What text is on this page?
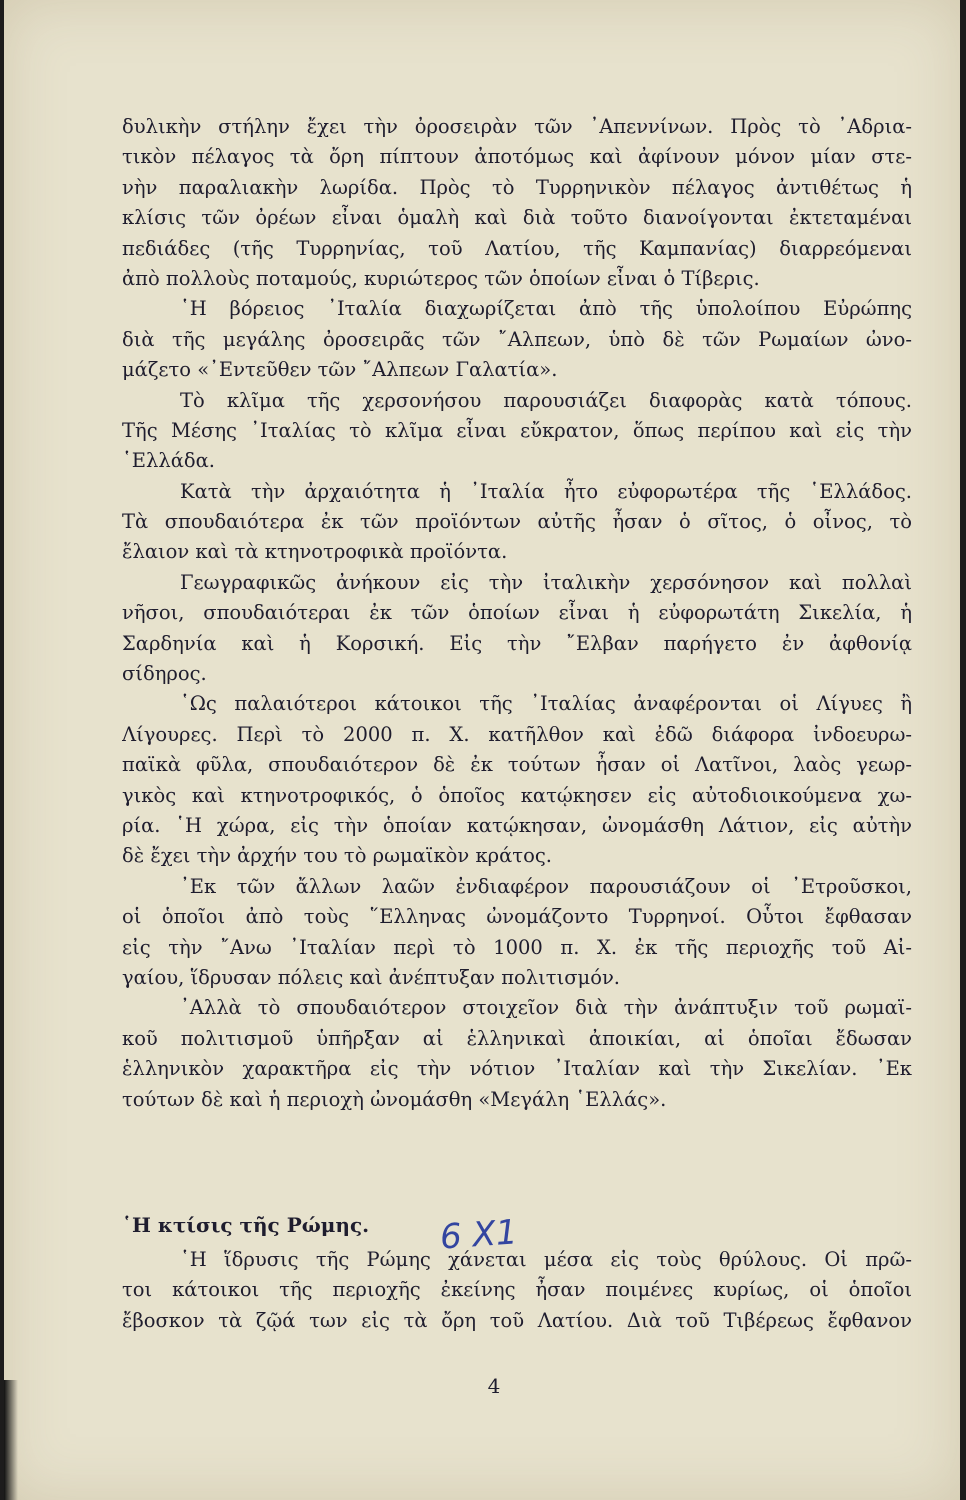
δυλικὴν στήλην ἔχει τὴν ὀροσειρὰν τῶν ᾿Απεννίνων. Πρὸς τὸ ᾿Αδρια-
τικὸν πέλαγος τὰ ὄρη πίπτουν ἀποτόμως καὶ ἀφίνουν μόνον μίαν στε-
νὴν παραλιακὴν λωρίδα. Πρὸς τὸ Τυρρηνικὸν πέλαγος ἀντιθέτως ἡ
κλίσις τῶν ὀρέων εἶναι ὁμαλὴ καὶ διὰ τοῦτο διανοίγονται ἐκτεταμέναι
πεδιάδες (τῆς Τυρρηνίας, τοῦ Λατίου, τῆς Καμπανίας) διαρρεόμεναι
ἀπὸ πολλοὺς ποταμούς, κυριώτερος τῶν ὁποίων εἶναι ὁ Τίβερις.
῾Η βόρειος ᾿Ιταλία διαχωρίζεται ἀπὸ τῆς ὑπολοίπου Εὐρώπης
διὰ τῆς μεγάλης ὀροσειρᾶς τῶν ῎Αλπεων, ὑπὸ δὲ τῶν Ρωμαίων ὠνο-
μάζετο «᾿Εντεῦθεν τῶν ῎Αλπεων Γαλατία».
Τὸ κλῖμα τῆς χερσονήσου παρουσιάζει διαφορὰς κατὰ τόπους.
Τῆς Μέσης ᾿Ιταλίας τὸ κλῖμα εἶναι εὔκρατον, ὅπως περίπου καὶ εἰς τὴν
῾Ελλάδα.
Κατὰ τὴν ἀρχαιότητα ἡ ᾿Ιταλία ἦτο εὐφορωτέρα τῆς ῾Ελλάδος.
Τὰ σπουδαιότερα ἐκ τῶν προϊόντων αὐτῆς ἦσαν ὁ σῖτος, ὁ οἶνος, τὸ
ἔλαιον καὶ τὰ κτηνοτροφικὰ προϊόντα.
Γεωγραφικῶς ἀνήκουν εἰς τὴν ἰταλικὴν χερσόνησον καὶ πολλαὶ
νῆσοι, σπουδαιότεραι ἐκ τῶν ὁποίων εἶναι ἡ εὐφορωτάτη Σικελία, ἡ
Σαρδηνία καὶ ἡ Κορσική. Εἰς τὴν ῎Ελβαν παρήγετο ἐν ἀφθονίᾳ
σίδηρος.
῾Ως παλαιότεροι κάτοικοι τῆς ᾿Ιταλίας ἀναφέρονται οἱ Λίγυες ἢ
Λίγουρες. Περὶ τὸ 2000 π. Χ. κατῆλθον καὶ ἐδῶ διάφορα ἰνδοευρω-
παϊκὰ φῦλα, σπουδαιότερον δὲ ἐκ τούτων ἦσαν οἱ Λατῖνοι, λαὸς γεωρ-
γικὸς καὶ κτηνοτροφικός, ὁ ὁποῖος κατῴκησεν εἰς αὐτοδιοικούμενα χω-
ρία. ῾Η χώρα, εἰς τὴν ὁποίαν κατῴκησαν, ὠνομάσθη Λάτιον, εἰς αὐτὴν
δὲ ἔχει τὴν ἀρχήν του τὸ ρωμαϊκὸν κράτος.
᾿Εκ τῶν ἄλλων λαῶν ἐνδιαφέρον παρουσιάζουν οἱ ᾿Ετροῦσκοι,
οἱ ὁποῖοι ἀπὸ τοὺς ῞Ελληνας ὠνομάζοντο Τυρρηνοί. Οὗτοι ἔφθασαν
εἰς τὴν ῎Ανω ᾿Ιταλίαν περὶ τὸ 1000 π. Χ. ἐκ τῆς περιοχῆς τοῦ Αἰ-
γαίου, ἵδρυσαν πόλεις καὶ ἀνέπτυξαν πολιτισμόν.
᾿Αλλὰ τὸ σπουδαιότερον στοιχεῖον διὰ τὴν ἀνάπτυξιν τοῦ ρωμαϊ-
κοῦ πολιτισμοῦ ὑπῆρξαν αἱ ἑλληνικαὶ ἀποικίαι, αἱ ὁποῖαι ἔδωσαν
ἑλληνικὸν χαρακτῆρα εἰς τὴν νότιον ᾿Ιταλίαν καὶ τὴν Σικελίαν. ᾿Εκ
τούτων δὲ καὶ ἡ περιοχὴ ὠνομάσθη «Μεγάλη ῾Ελλάς».
῾Η κτίσις τῆς Ρώμης. 6 Χ1
῾Η ἵδρυσις τῆς Ρώμης χάνεται μέσα εἰς τοὺς θρύλους. Οἱ πρῶ-
τοι κάτοικοι τῆς περιοχῆς ἐκείνης ἦσαν ποιμένες κυρίως, οἱ ὁποῖοι
ἔβοσκον τὰ ζῷά των εἰς τὰ ὄρη τοῦ Λατίου. Διὰ τοῦ Τιβέρεως ἔφθανον
4
